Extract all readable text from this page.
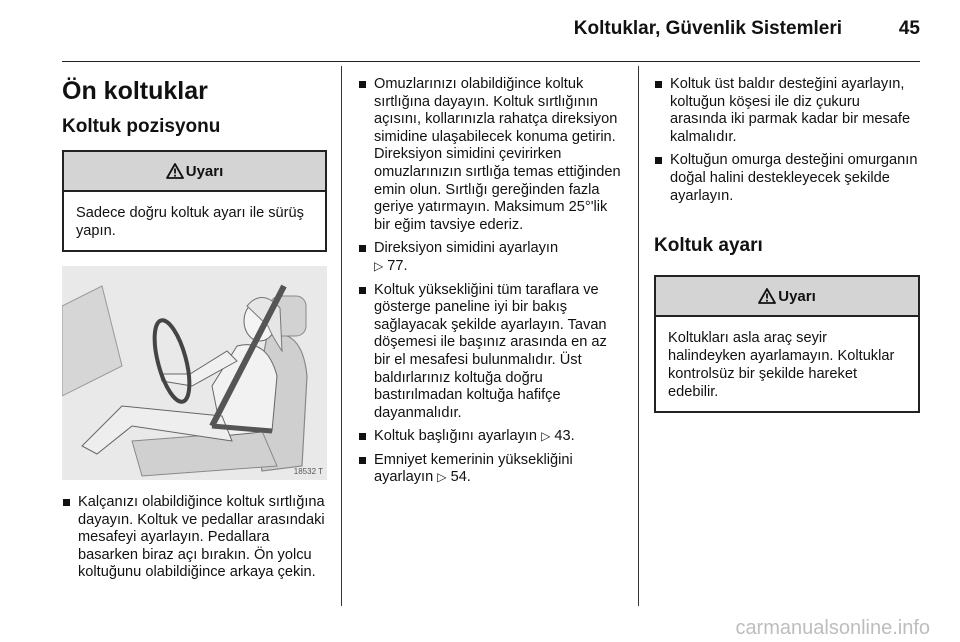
Koltuklar, Güvenlik Sistemleri	45
Ön koltuklar
Koltuk pozisyonu
Uyarı

Sadece doğru koltuk ayarı ile sürüş yapın.

18532 T
Kalçanızı olabildiğince koltuk sırtlığına dayayın. Koltuk ve pedallar arasındaki mesafeyi ayarlayın. Pedallara basarken biraz açı bırakın. Ön yolcu koltuğunu olabildiğince arkaya çekin.
Omuzlarınızı olabildiğince koltuk sırtlığına dayayın. Koltuk sırtlığının açısını, kollarınızla rahatça direksiyon simidine ulaşabilecek konuma getirin. Direksiyon simidini çevirirken omuzlarınızın sırtlığa temas ettiğinden emin olun. Sırtlığı gereğinden fazla geriye yatırmayın. Maksimum 25°'lik bir eğim tavsiye ederiz.
Direksiyon simidini ayarlayın
▷ 77.
Koltuk yüksekliğini tüm taraflara ve gösterge paneline iyi bir bakış sağlayacak şekilde ayarlayın. Tavan döşemesi ile başınız arasında en az bir el mesafesi bulunmalıdır. Üst baldırlarınız koltuğa doğru bastırılmadan koltuğa hafifçe dayanmalıdır.
Koltuk başlığını ayarlayın ▷ 43.
Emniyet kemerinin yüksekliğini ayarlayın ▷ 54.
Koltuk üst baldır desteğini ayarlayın, koltuğun köşesi ile diz çukuru arasında iki parmak kadar bir mesafe kalmalıdır.
Koltuğun omurga desteğini omurganın doğal halini destekleyecek şekilde ayarlayın.
Koltuk ayarı
Uyarı

Koltukları asla araç seyir halindeyken ayarlamayın. Koltuklar kontrolsüz bir şekilde hareket edebilir.

carmanualsonline.info
